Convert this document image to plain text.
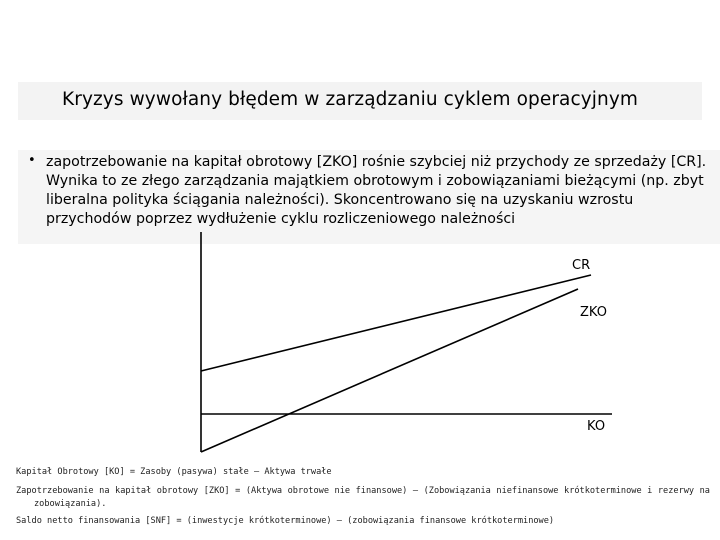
Kryzys wywołany błędem w zarządzaniu cyklem operacyjnym
• zapotrzebowanie na kapitał obrotowy [ZKO] rośnie szybciej niż przychody ze sprzedaży [CR].
Wynika to ze złego zarządzania majątkiem obrotowym i zobowiązaniami bieżącymi (np. zbyt
liberalna polityka ściągania należności). Skoncentrowano się na uzyskaniu wzrostu
przychodów poprzez wydłużenie cyklu rozliczeniowego należności
CR
ZKO
KO
Kapitał Obrotowy [KO] = Zasoby (pasywa) stałe – Aktywa trwałe
Zapotrzebowanie na kapitał obrotowy [ZKO] = (Aktywa obrotowe nie finansowe) – (Zobowiązania niefinansowe krótkoterminowe i rezerwy na
zobowiązania).
Saldo netto finansowania [SNF] = (inwestycje krótkoterminowe) – (zobowiązania finansowe krótkoterminowe)
